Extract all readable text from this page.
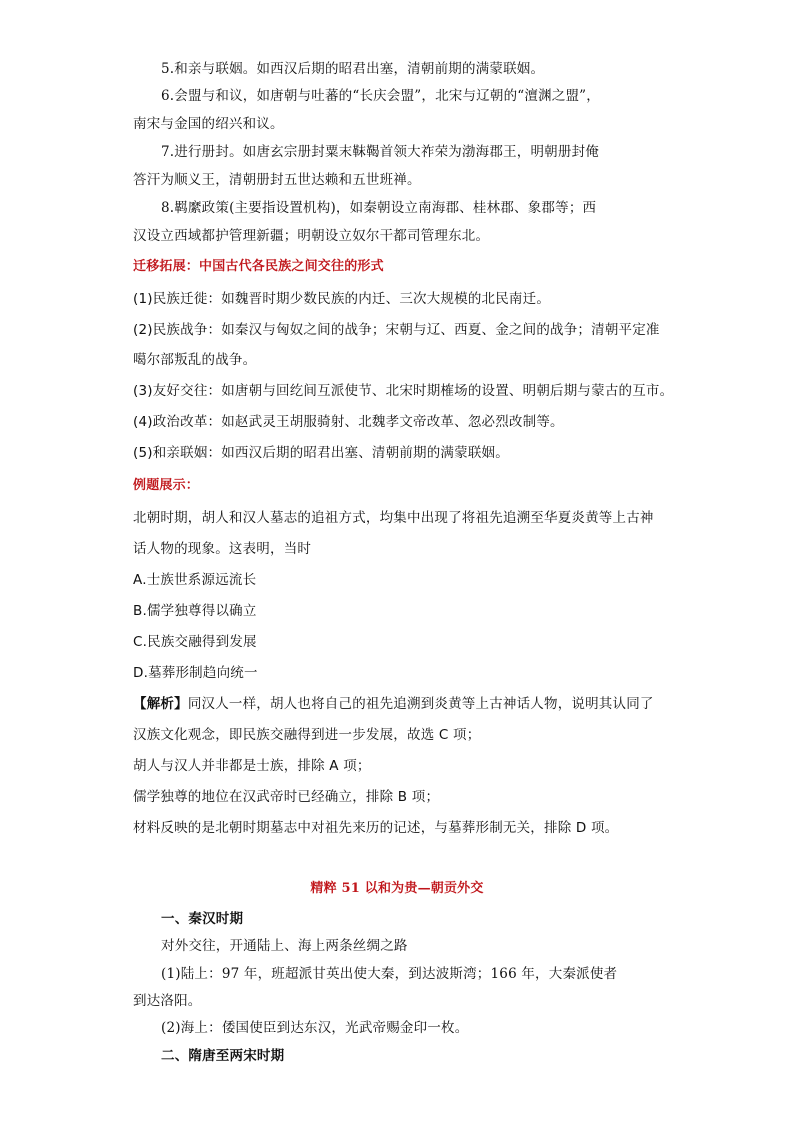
5.和亲与联姻。如西汉后期的昭君出塞，清朝前期的满蒙联姻。
6.会盟与和议，如唐朝与吐蕃的“长庆会盟”，北宋与辽朝的“澶渊之盟”，
南宋与金国的绍兴和议。
7.进行册封。如唐玄宗册封粟末靺鞨首领大祚荣为渤海郡王，明朝册封俺
答汗为顺义王，清朝册封五世达赖和五世班禅。
8.羁縻政策(主要指设置机构)，如秦朝设立南海郡、桂林郡、象郡等；西
汉设立西域都护管理新疆；明朝设立奴尔干都司管理东北。
迁移拓展：中国古代各民族之间交往的形式
(1)民族迁徙：如魏晋时期少数民族的内迁、三次大规模的北民南迁。
(2)民族战争：如秦汉与匈奴之间的战争；宋朝与辽、西夏、金之间的战争；清朝平定准
噶尔部叛乱的战争。
(3)友好交往：如唐朝与回纥间互派使节、北宋时期榷场的设置、明朝后期与蒙古的互市。
(4)政治改革：如赵武灵王胡服骑射、北魏孝文帝改革、忽必烈改制等。
(5)和亲联姻：如西汉后期的昭君出塞、清朝前期的满蒙联姻。
例题展示：
北朝时期，胡人和汉人墓志的追祖方式，均集中出现了将祖先追溯至华夏炎黄等上古神
话人物的现象。这表明，当时
A.士族世系源远流长
B.儒学独尊得以确立
C.民族交融得到发展
D.墓葬形制趋向统一
【解析】同汉人一样，胡人也将自己的祖先追溯到炎黄等上古神话人物，说明其认同了
汉族文化观念，即民族交融得到进一步发展，故选 C 项；
胡人与汉人并非都是士族，排除 A 项；
儒学独尊的地位在汉武帝时已经确立，排除 B 项；
材料反映的是北朝时期墓志中对祖先来历的记述，与墓葬形制无关，排除 D 项。
精粹 51 以和为贵—朝贡外交
一、秦汉时期
对外交往，开通陆上、海上两条丝绸之路
(1)陆上：97 年，班超派甘英出使大秦，到达波斯湾；166 年，大秦派使者
到达洛阳。
(2)海上：倭国使臣到达东汉，光武帝赐金印一枚。
二、隋唐至两宋时期
